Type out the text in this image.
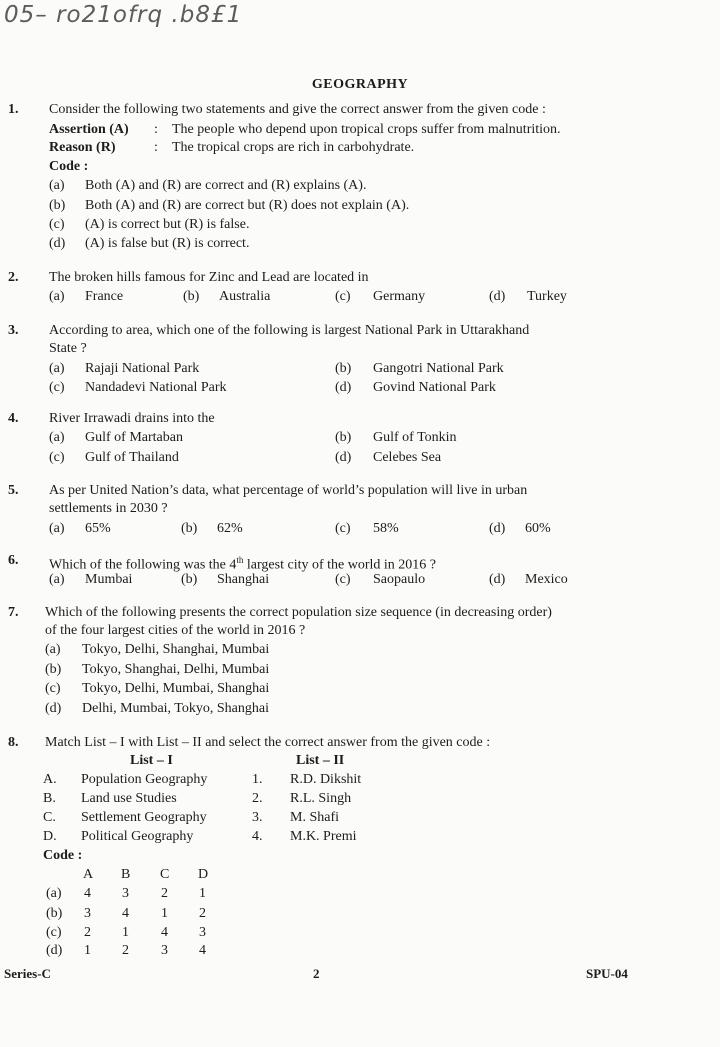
05– ro21ofrq .b8£1
GEOGRAPHY
1. Consider the following two statements and give the correct answer from the given code :
Assertion (A) : The people who depend upon tropical crops suffer from malnutrition.
Reason (R)	: The tropical crops are rich in carbohydrate.
Code :
(a) Both (A) and (R) are correct and (R) explains (A).
(b) Both (A) and (R) are correct but (R) does not explain (A).
(c) (A) is correct but (R) is false.
(d) (A) is false but (R) is correct.
2. The broken hills famous for Zinc and Lead are located in
(a) France	(b) Australia	(c) Germany	(d) Turkey
3. According to area, which one of the following is largest National Park in Uttarakhand
State ?
(a) Rajaji National Park	(b) Gangotri National Park
(c) Nandadevi National Park	(d) Govind National Park
4. River Irrawadi drains into the
(a) Gulf of Martaban	(b) Gulf of Tonkin
(c) Gulf of Thailand	(d) Celebes Sea
5. As per United Nation’s data, what percentage of world’s population will live in urban
settlements in 2030 ?
(a) 65%	(b) 62%	(c) 58%	(d) 60%
6. Which of the following was the 4th largest city of the world in 2016 ?
(a) Mumbai	(b) Shanghai	(c) Saopaulo	(d) Mexico
7. Which of the following presents the correct population size sequence (in decreasing order)
of the four largest cities of the world in 2016 ?
(a) Tokyo, Delhi, Shanghai, Mumbai
(b) Tokyo, Shanghai, Delhi, Mumbai
(c) Tokyo, Delhi, Mumbai, Shanghai
(d) Delhi, Mumbai, Tokyo, Shanghai
8. Match List – I with List – II and select the correct answer from the given code :
List – I	List – II
A. Population Geography	1. R.D. Dikshit
B. Land use Studies	2. R.L. Singh
C. Settlement Geography	3. M. Shafi
D. Political Geography	4. M.K. Premi
Code :
A B C D
(a) 4 3 2 1
(b) 3 4 1 2
(c) 2 1 4 3
(d) 1 2 3 4
Series-C	2	SPU-04
